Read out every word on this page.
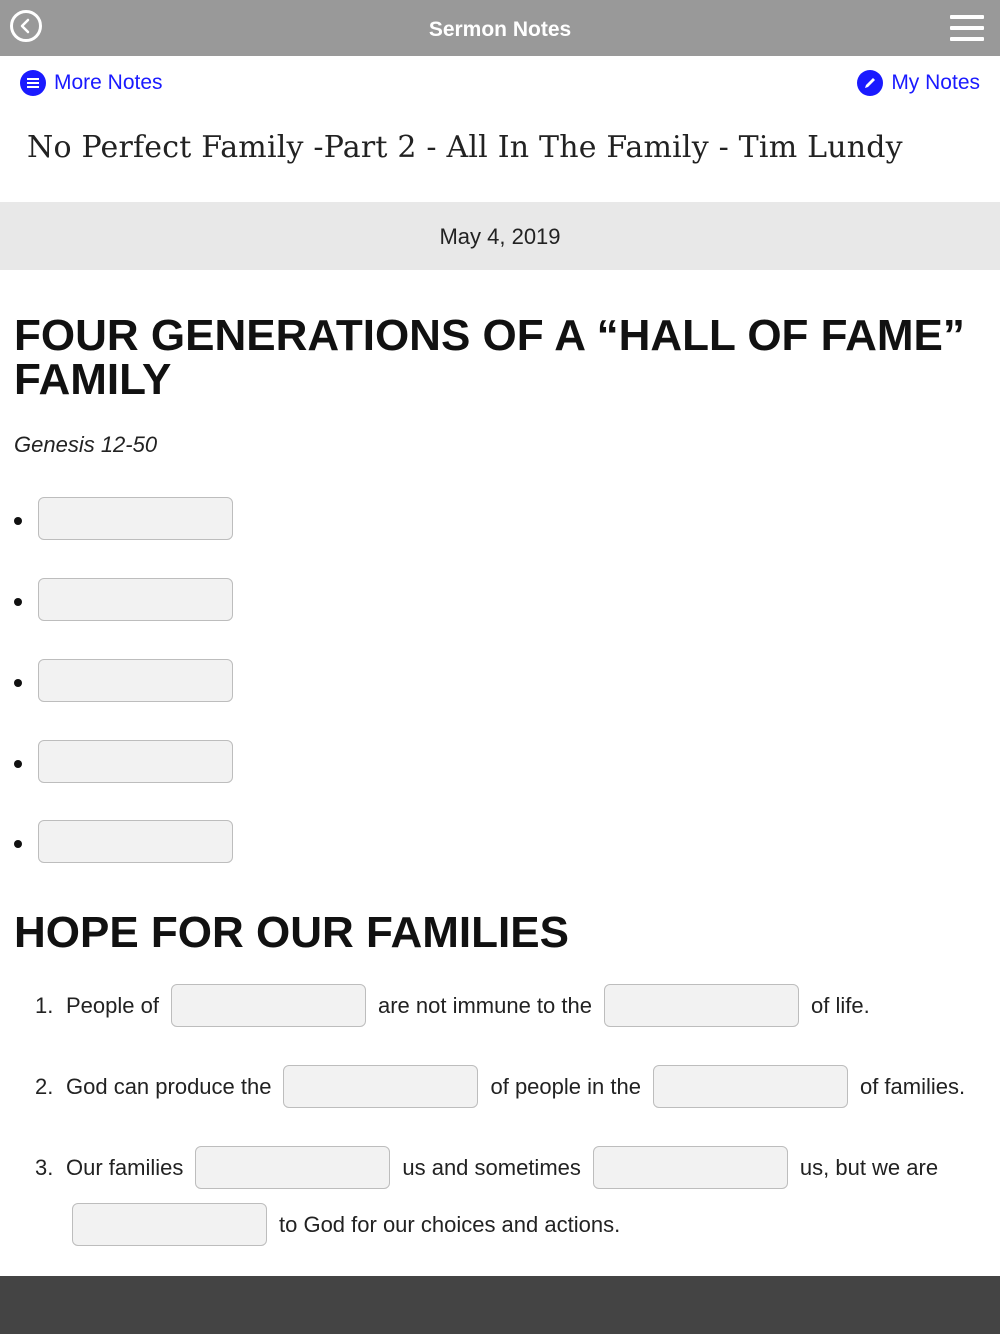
Sermon Notes
More Notes	My Notes
No Perfect Family -Part 2 - All In The Family - Tim Lundy
May 4, 2019
FOUR GENERATIONS OF A “HALL OF FAME” FAMILY
Genesis 12-50
HOPE FOR OUR FAMILIES
1. People of	are not immune to the	of life.
2. God can produce the	of people in the	of families.
3. Our families	us and sometimes	us, but we are
to God for our choices and actions.
